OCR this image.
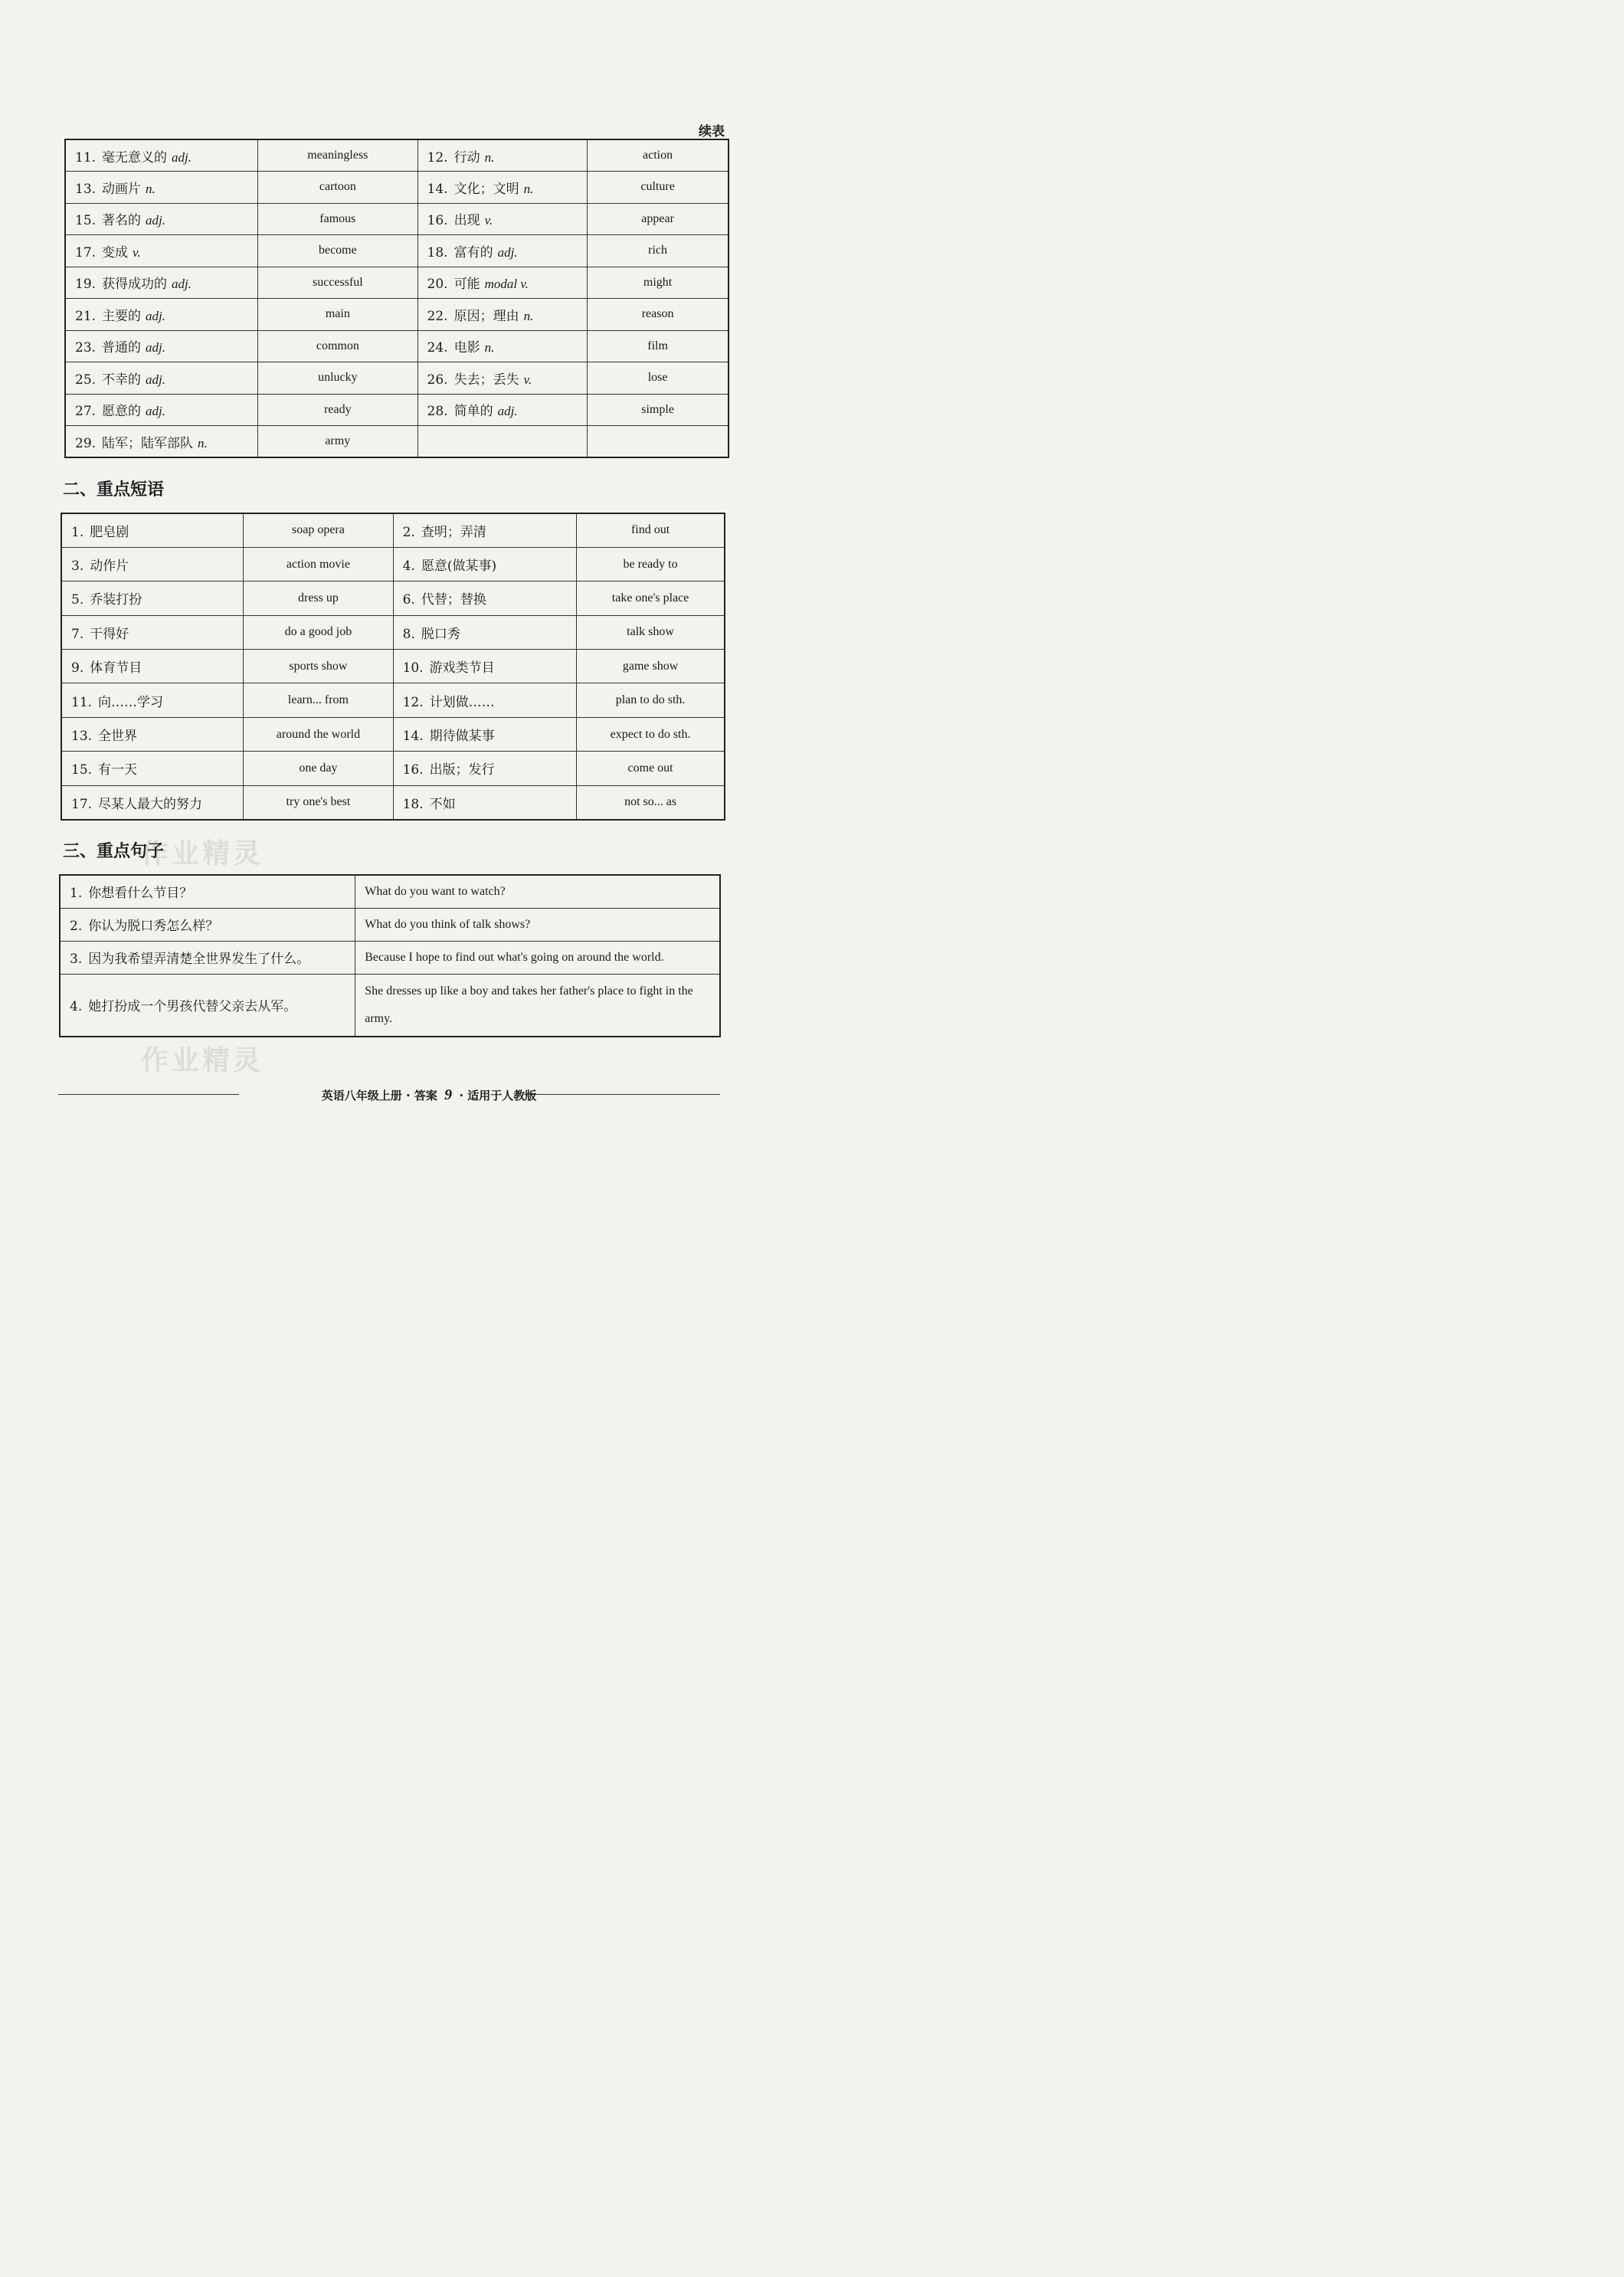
续表
11. 毫无意义的 adj.	meaningless	12. 行动 n.	action
13. 动画片 n.	cartoon	14. 文化；文明 n.	culture
15. 著名的 adj.	famous	16. 出现 v.	appear
17. 变成 v.	become	18. 富有的 adj.	rich
19. 获得成功的 adj.	successful	20. 可能 modal v.	might
21. 主要的 adj.	main	22. 原因；理由 n.	reason
23. 普通的 adj.	common	24. 电影 n.	film
25. 不幸的 adj.	unlucky	26. 失去；丢失 v.	lose
27. 愿意的 adj.	ready	28. 简单的 adj.	simple
29. 陆军；陆军部队 n.	army		
二、重点短语
1. 肥皂剧	soap opera	2. 查明；弄清	find out
3. 动作片	action movie	4. 愿意(做某事)	be ready to
5. 乔装打扮	dress up	6. 代替；替换	take one's place
7. 干得好	do a good job	8. 脱口秀	talk show
9. 体育节目	sports show	10. 游戏类节目	game show
11. 向……学习	learn... from	12. 计划做……	plan to do sth.
13. 全世界	around the world	14. 期待做某事	expect to do sth.
15. 有一天	one day	16. 出版；发行	come out
17. 尽某人最大的努力	try one's best	18. 不如	not so... as
三、重点句子
1. 你想看什么节目？	What do you want to watch?
2. 你认为脱口秀怎么样？	What do you think of talk shows?
3. 因为我希望弄清楚全世界发生了什么。	Because I hope to find out what's going on around the world.
4. 她打扮成一个男孩代替父亲去从军。	She dresses up like a boy and takes her father's place to fight in the army.
作业精灵
作业精灵
英语八年级上册 · 答案 9 · 适用于人教版
